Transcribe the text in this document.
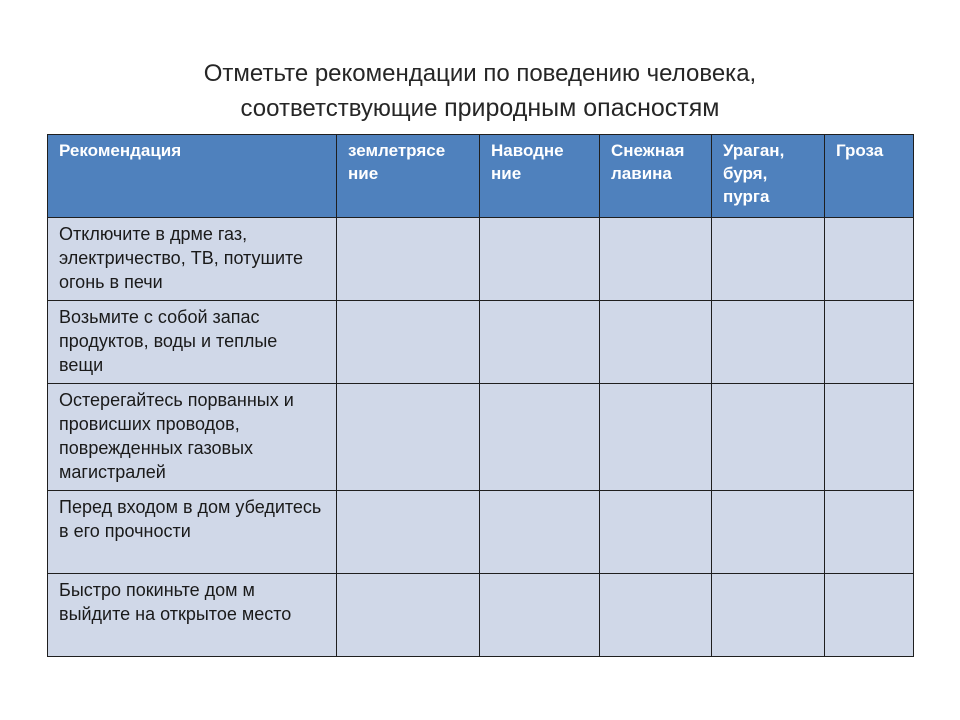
Отметьте рекомендации по поведению человека,
соответствующие природным опасностям
Рекомендация	землетрясе ние	Наводне ние	Снежная лавина	Ураган, буря, пурга	Гроза
Отключите в дрме газ, электричество, ТВ, потушите огонь в печи					
Возьмите с собой запас продуктов, воды и теплые вещи					
Остерегайтесь порванных и провисших проводов, поврежденных газовых магистралей					
Перед входом в дом убедитесь в его прочности					
Быстро покиньте дом м выйдите на открытое место					
